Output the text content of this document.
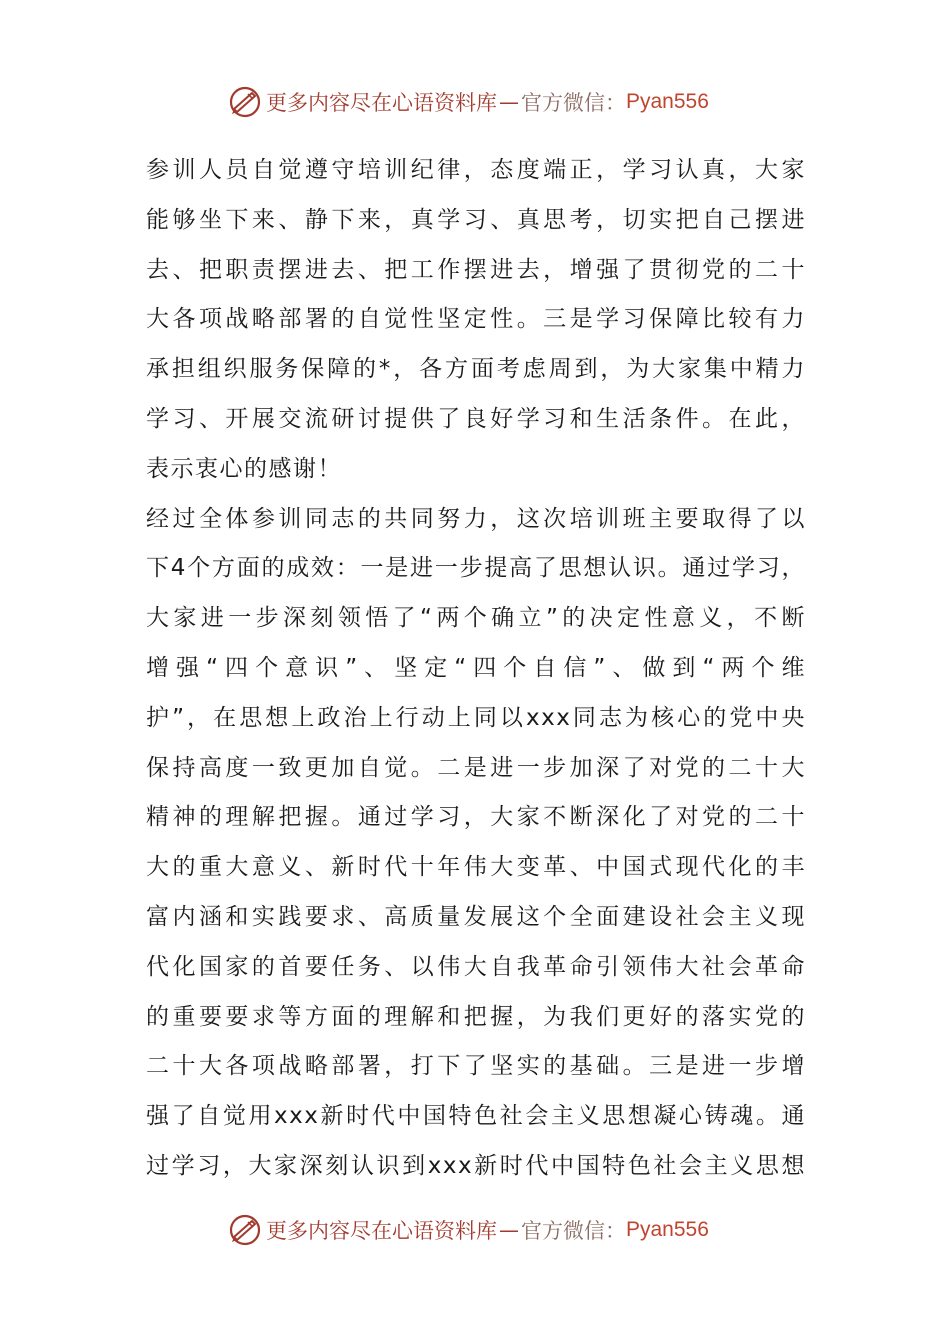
更多内容尽在心语资料库 — 官方微信： Pyan556
参训人员自觉遵守培训纪律，态度端正，学习认真，大家
能够坐下来、静下来，真学习、真思考，切实把自己摆进
去、把职责摆进去、把工作摆进去，增强了贯彻党的二十
大各项战略部署的自觉性坚定性。三是学习保障比较有力
承担组织服务保障的*，各方面考虑周到，为大家集中精力
学习、开展交流研讨提供了良好学习和生活条件。在此，
表示衷心的感谢！
经过全体参训同志的共同努力，这次培训班主要取得了以
下4个方面的成效：一是进一步提高了思想认识。通过学习，
大家进一步深刻领悟了“两个确立”的决定性意义，不断
增强“四个意识”、坚定“四个自信”、做到“两个维
护”，在思想上政治上行动上同以xxx同志为核心的党中央
保持高度一致更加自觉。二是进一步加深了对党的二十大
精神的理解把握。通过学习，大家不断深化了对党的二十
大的重大意义、新时代十年伟大变革、中国式现代化的丰
富内涵和实践要求、高质量发展这个全面建设社会主义现
代化国家的首要任务、以伟大自我革命引领伟大社会革命
的重要要求等方面的理解和把握，为我们更好的落实党的
二十大各项战略部署，打下了坚实的基础。三是进一步增
强了自觉用xxx新时代中国特色社会主义思想凝心铸魂。通
过学习，大家深刻认识到xxx新时代中国特色社会主义思想
更多内容尽在心语资料库 — 官方微信： Pyan556
